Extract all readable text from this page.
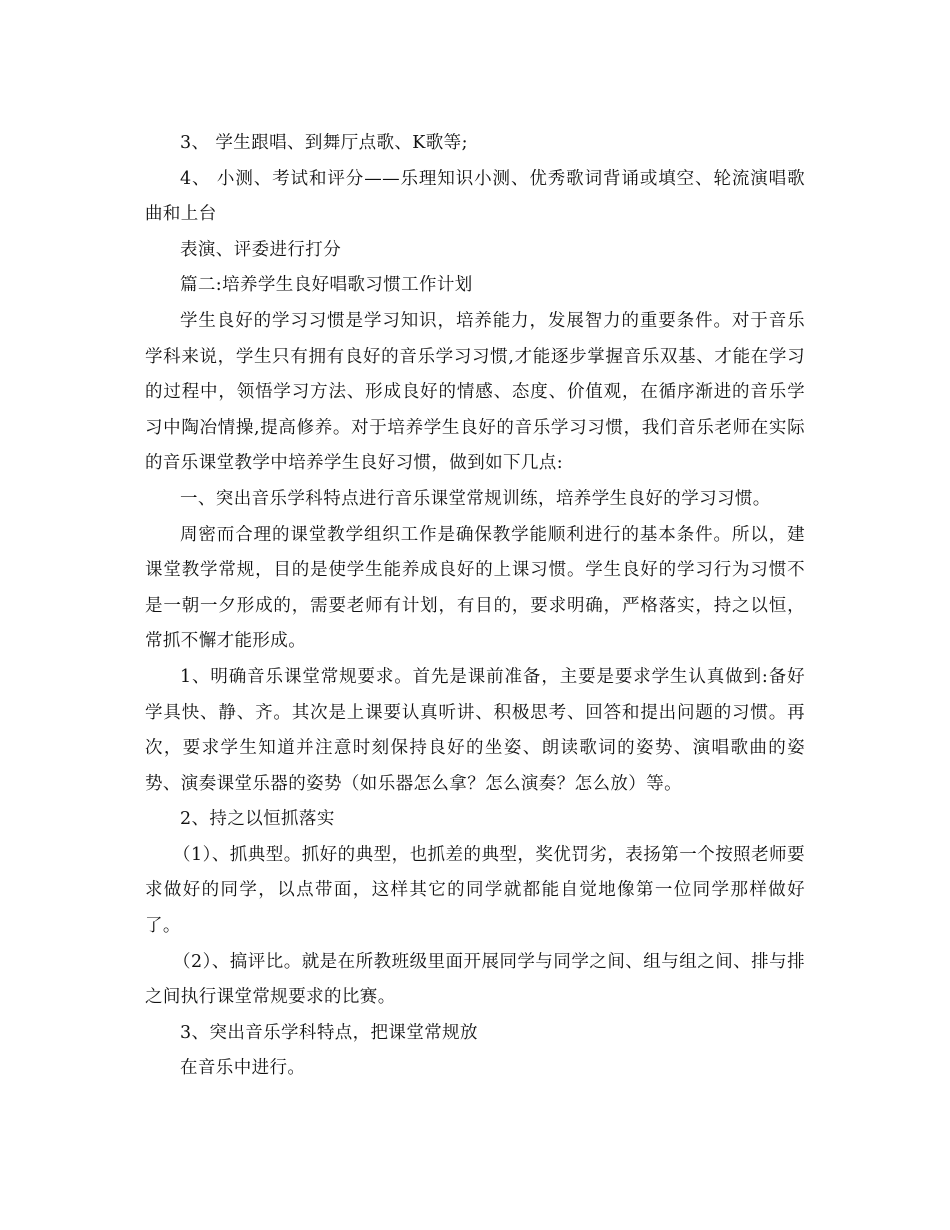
3、 学生跟唱、到舞厅点歌、K歌等;

4、 小测、考试和评分——乐理知识小测、优秀歌词背诵或填空、轮流演唱歌曲和上台

表演、评委进行打分

篇二:培养学生良好唱歌习惯工作计划

学生良好的学习习惯是学习知识，培养能力，发展智力的重要条件。对于音乐学科来说，学生只有拥有良好的音乐学习习惯,才能逐步掌握音乐双基、才能在学习的过程中，领悟学习方法、形成良好的情感、态度、价值观，在循序渐进的音乐学习中陶冶情操,提高修养。对于培养学生良好的音乐学习习惯，我们音乐老师在实际的音乐课堂教学中培养学生良好习惯，做到如下几点:

一、突出音乐学科特点进行音乐课堂常规训练，培养学生良好的学习习惯。

周密而合理的课堂教学组织工作是确保教学能顺利进行的基本条件。所以，建课堂教学常规，目的是使学生能养成良好的上课习惯。学生良好的学习行为习惯不是一朝一夕形成的，需要老师有计划，有目的，要求明确，严格落实，持之以恒，常抓不懈才能形成。

1、明确音乐课堂常规要求。首先是课前准备，主要是要求学生认真做到:备好学具快、静、齐。其次是上课要认真听讲、积极思考、回答和提出问题的习惯。再次，要求学生知道并注意时刻保持良好的坐姿、朗读歌词的姿势、演唱歌曲的姿势、演奏课堂乐器的姿势（如乐器怎么拿？怎么演奏？怎么放）等。

2、持之以恒抓落实

（1）、抓典型。抓好的典型，也抓差的典型，奖优罚劣，表扬第一个按照老师要求做好的同学，以点带面，这样其它的同学就都能自觉地像第一位同学那样做好了。

（2）、搞评比。就是在所教班级里面开展同学与同学之间、组与组之间、排与排之间执行课堂常规要求的比赛。

3、突出音乐学科特点，把课堂常规放

在音乐中进行。
